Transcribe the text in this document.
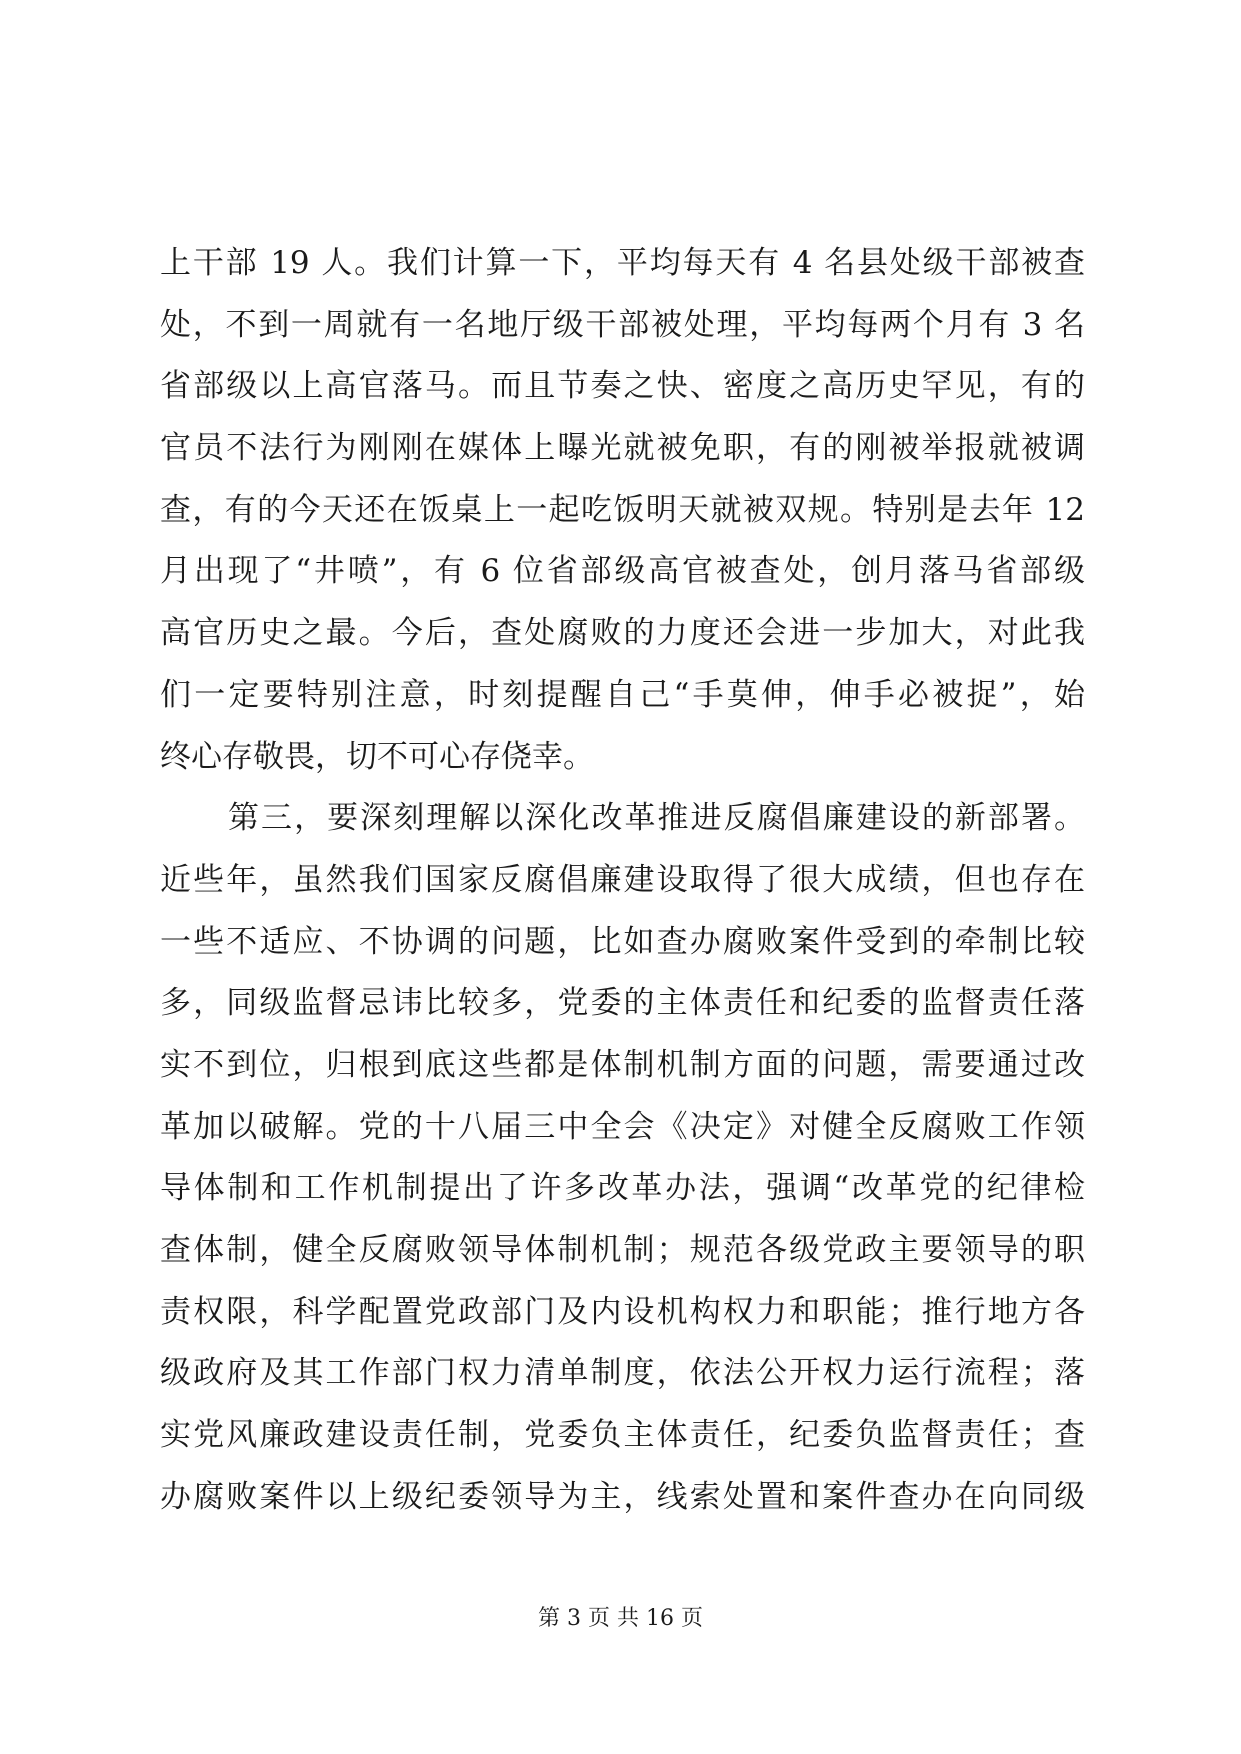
上干部 19 人。我们计算一下，平均每天有 4 名县处级干部被查
处，不到一周就有一名地厅级干部被处理，平均每两个月有 3 名
省部级以上高官落马。而且节奏之快、密度之高历史罕见，有的
官员不法行为刚刚在媒体上曝光就被免职，有的刚被举报就被调
查，有的今天还在饭桌上一起吃饭明天就被双规。特别是去年 12
月出现了“井喷”，有 6 位省部级高官被查处，创月落马省部级
高官历史之最。今后，查处腐败的力度还会进一步加大，对此我
们一定要特别注意，时刻提醒自己“手莫伸，伸手必被捉”，始
终心存敬畏，切不可心存侥幸。
第三，要深刻理解以深化改革推进反腐倡廉建设的新部署。
近些年，虽然我们国家反腐倡廉建设取得了很大成绩，但也存在
一些不适应、不协调的问题，比如查办腐败案件受到的牵制比较
多，同级监督忌讳比较多，党委的主体责任和纪委的监督责任落
实不到位，归根到底这些都是体制机制方面的问题，需要通过改
革加以破解。党的十八届三中全会《决定》对健全反腐败工作领
导体制和工作机制提出了许多改革办法，强调“改革党的纪律检
查体制，健全反腐败领导体制机制；规范各级党政主要领导的职
责权限，科学配置党政部门及内设机构权力和职能；推行地方各
级政府及其工作部门权力清单制度，依法公开权力运行流程；落
实党风廉政建设责任制，党委负主体责任，纪委负监督责任；查
办腐败案件以上级纪委领导为主，线索处置和案件查办在向同级
第 3 页 共 16 页
